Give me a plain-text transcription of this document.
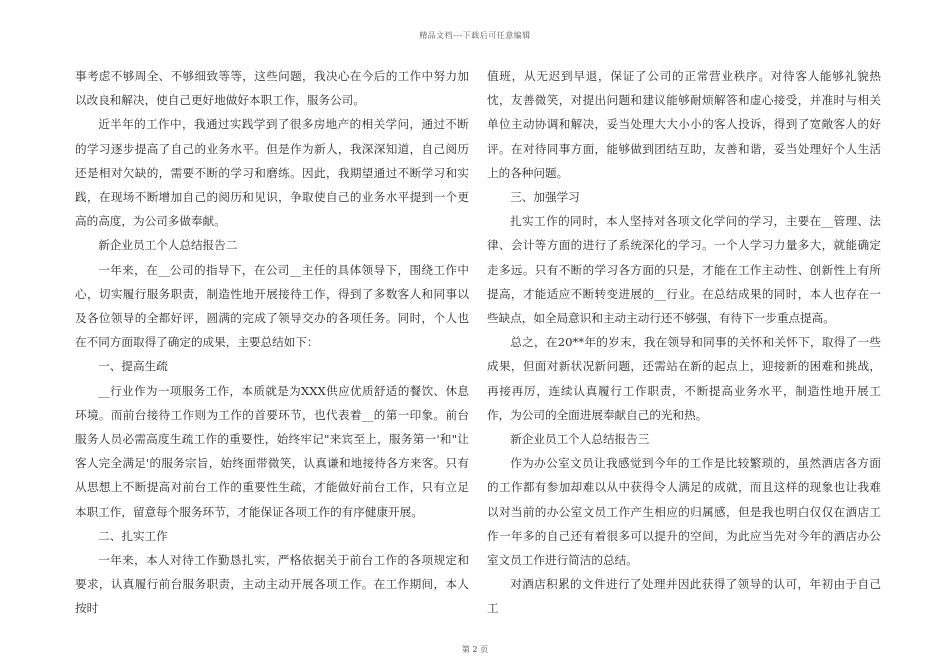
精品文档---下载后可任意编辑

事考虑不够周全、不够细致等等，这些问题，我决心在今后的工作中努力加以改良和解决，使自己更好地做好本职工作，服务公司。

近半年的工作中，我通过实践学到了很多房地产的相关学问，通过不断的学习逐步提高了自己的业务水平。但是作为新人，我深深知道，自己阅历还是相对欠缺的，需要不断的学习和磨练。因此，我期望通过不断学习和实践，在现场不断增加自己的阅历和见识，争取使自己的业务水平提到一个更高的高度，为公司多做奉献。

新企业员工个人总结报告二

一年来，在__公司的指导下，在公司__主任的具体领导下，围绕工作中心，切实履行服务职责，制造性地开展接待工作，得到了多数客人和同事以及各位领导的全都好评，圆满的完成了领导交办的各项任务。同时，个人也在不同方面取得了确定的成果，主要总结如下：

一、提高生疏

__行业作为一项服务工作，本质就是为XXX供应优质舒适的餐饮、休息环境。而前台接待工作则为工作的首要环节，也代表着__的第一印象。前台服务人员必需高度生疏工作的重要性，始终牢记"来宾至上，服务第一'和"让客人完全满足'的服务宗旨，始终面带微笑，认真谦和地接待各方来客。只有从思想上不断提高对前台工作的重要性生疏，才能做好前台工作，只有立足本职工作，留意每个服务环节，才能保证各项工作的有序健康开展。

二、扎实工作

一年来，本人对待工作勤恳扎实，严格依据关于前台工作的各项规定和要求，认真履行前台服务职责，主动主动开展各项工作。在工作期间，本人按时

值班，从无迟到早退，保证了公司的正常营业秩序。对待客人能够礼貌热忱，友善微笑，对提出问题和建议能够耐烦解答和虚心接受，并准时与相关单位主动协调和解决，妥当处理大大小小的客人投诉，得到了宽敞客人的好评。在对待同事方面，能够做到团结互助，友善和谐，妥当处理好个人生活上的各种问题。

三、加强学习

扎实工作的同时，本人坚持对各项文化学问的学习，主要在__管理、法律、会计等方面的进行了系统深化的学习。一个人学习力量多大，就能确定走多远。只有不断的学习各方面的只是，才能在工作主动性、创新性上有所提高，才能适应不断转变进展的__行业。在总结成果的同时，本人也存在一些缺点，如全局意识和主动主动行还不够强，有待下一步重点提高。

总之，在20**年的岁末，我在领导和同事的关怀和关怀下，取得了一些成果，但面对新状况新问题，还需站在新的起点上，迎接新的困难和挑战，再接再厉，连续认真履行工作职责，不断提高业务水平，制造性地开展工作，为公司的全面进展奉献自己的光和热。

新企业员工个人总结报告三

作为办公室文员让我感觉到今年的工作是比较繁琐的，虽然酒店各方面的工作都有参加却难以从中获得令人满足的成就，而且这样的现象也让我难以对当前的办公室文员工作产生相应的归属感，但是我也明白仅仅在酒店工作一年多的自己还有着很多可以提升的空间，为此应当先对今年的酒店办公室文员工作进行简洁的总结。

对酒店积累的文件进行了处理并因此获得了领导的认可，年初由于自己工

第 2 页
